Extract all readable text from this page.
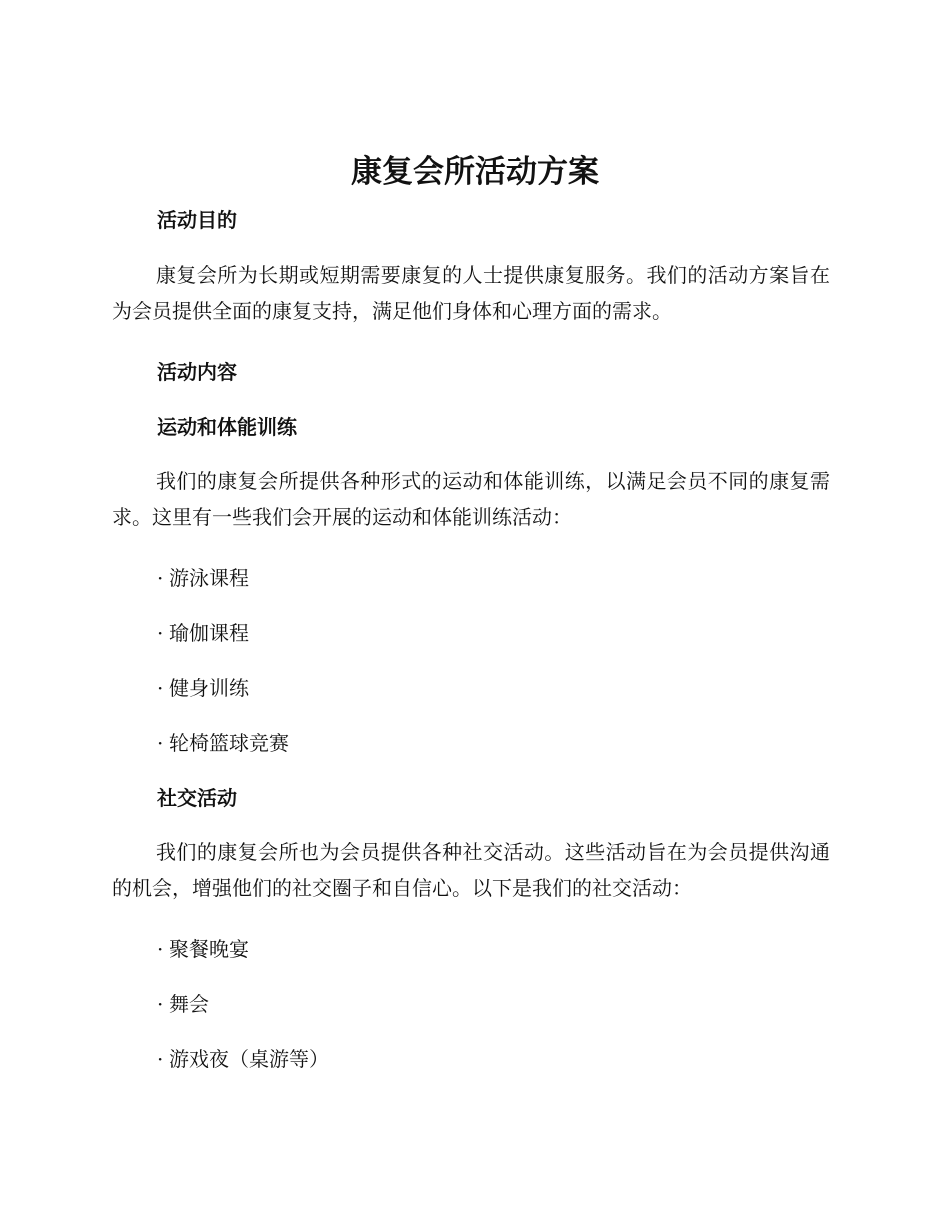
康复会所活动方案
活动目的

康复会所为长期或短期需要康复的人士提供康复服务。我们的活动方案旨在为会员提供全面的康复支持，满足他们身体和心理方面的需求。

活动内容
运动和体能训练

我们的康复会所提供各种形式的运动和体能训练，以满足会员不同的康复需求。这里有一些我们会开展的运动和体能训练活动：

· 游泳课程
· 瑜伽课程
· 健身训练
· 轮椅篮球竞赛
社交活动

我们的康复会所也为会员提供各种社交活动。这些活动旨在为会员提供沟通的机会，增强他们的社交圈子和自信心。以下是我们的社交活动：

· 聚餐晚宴
· 舞会
· 游戏夜（桌游等）
